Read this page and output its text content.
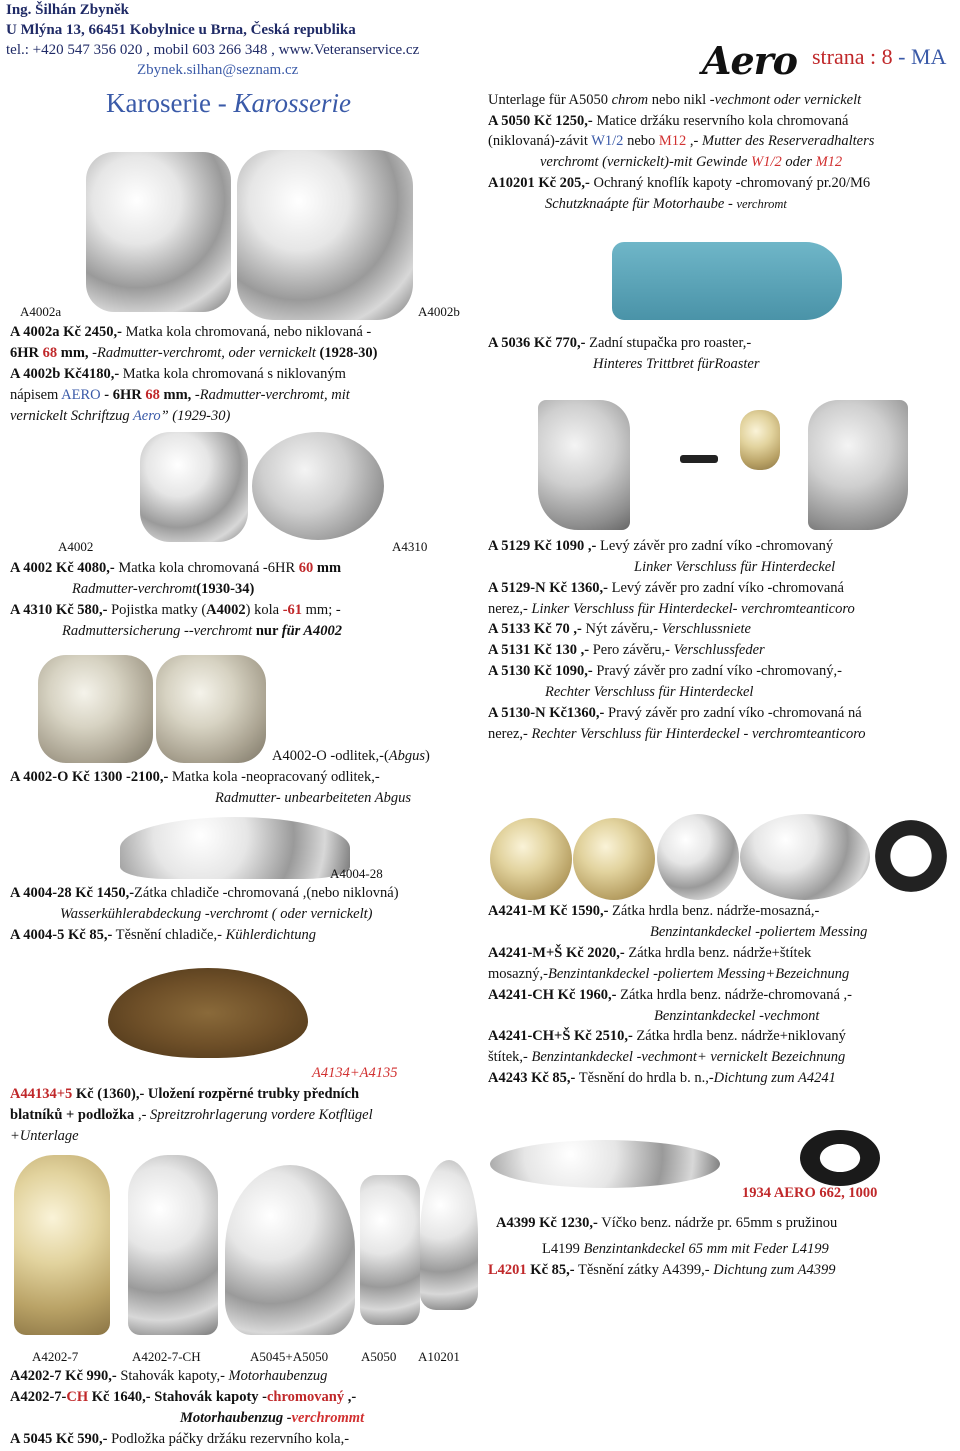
Ing. Šilhán Zbyněk
U Mlýna 13, 66451 Kobylnice u Brna, Česká republika
tel.: +420 547 356 020 , mobil 603 266 348 , www.Veteranservice.cz
Zbynek.silhan@seznam.cz
Karoserie - Karosserie
Aero strana : 8 - MA
Unterlage für A5050 chrom nebo nikl -vechmont oder vernickelt
A 5050 Kč 1250,- Matice držáku reservního kola chromovaná
(niklovaná)-závit W1/2 nebo M12 ,- Mutter des Reserveradhalters
verchromt (vernickelt)-mit Gewinde W1/2 oder M12
A10201 Kč 205,- Ochraný knoflík kapoty -chromovaný pr.20/M6
Schutzknaápte für Motorhaube - verchromt
A4002a	A4002b
A 4002a Kč 2450,- Matka kola chromovaná, nebo niklovaná -
6HR 68 mm, -Radmutter-verchromt, oder vernickelt (1928-30)
A 4002b Kč4180,- Matka kola chromovaná s niklovaným
nápisem AERO - 6HR 68 mm, -Radmutter-verchromt, mit
vernickelt Schriftzug Aero” (1929-30)
A 5036 Kč 770,- Zadní stupačka pro roaster,-
Hinteres Trittbret fürRoaster
A4002	A4310
A 4002 Kč 4080,- Matka kola chromovaná -6HR 60 mm
Radmutter-verchromt(1930-34)
A 4310 Kč 580,- Pojistka matky (A4002) kola -61 mm; -
Radmuttersicherung --verchromt nur für A4002
A 5129 Kč 1090 ,- Levý závěr pro zadní víko -chromovaný
Linker Verschluss für Hinterdeckel
A 5129-N Kč 1360,- Levý závěr pro zadní víko -chromovaná
nerez,- Linker Verschluss für Hinterdeckel- verchromteanticoro
A 5133 Kč 70 ,- Nýt závěru,- Verschlussniete
A 5131 Kč 130 ,- Pero závěru,- Verschlussfeder
A 5130 Kč 1090,- Pravý závěr pro zadní víko -chromovaný,-
Rechter Verschluss für Hinterdeckel
A 5130-N Kč1360,- Pravý závěr pro zadní víko -chromovaná ná
nerez,- Rechter Verschluss für Hinterdeckel - verchromteanticoro
A4002-O -odlitek,-(Abgus)
A 4002-O Kč 1300 -2100,- Matka kola -neopracovaný odlitek,-
Radmutter- unbearbeiteten Abgus
A4004-28
A 4004-28 Kč 1450,-Zátka chladiče -chromovaná ,(nebo niklovná)
Wasserkühlerabdeckung -verchromt ( oder vernickelt)
A 4004-5 Kč 85,- Těsnění chladiče,- Kühlerdichtung
A4241-M Kč 1590,- Zátka hrdla benz. nádrže-mosazná,-
Benzintankdeckel -poliertem Messing
A4241-M+Š Kč 2020,- Zátka hrdla benz. nádrže+štítek
mosazný,-Benzintankdeckel -poliertem Messing+Bezeichnung
A4241-CH Kč 1960,- Zátka hrdla benz. nádrže-chromovaná ,-
Benzintankdeckel -vechmont
A4241-CH+Š Kč 2510,- Zátka hrdla benz. nádrže+niklovaný
štítek,- Benzintankdeckel -vechmont+ vernickelt Bezeichnung
A4243 Kč 85,- Těsnění do hrdla b. n.,-Dichtung zum A4241
A4134+A4135
A44134+5 Kč (1360),- Uložení rozpěrné trubky předních
blatníků + podložka ,- Spreitzrohrlagerung vordere Kotflügel
+Unterlage
1934 AERO 662, 1000
A4399 Kč 1230,- Víčko benz. nádrže pr. 65mm s pružinou
L4199 Benzintankdeckel 65 mm mit Feder L4199
L4201 Kč 85,- Těsnění zátky A4399,- Dichtung zum A4399
A4202-7	A4202-7-CH	A5045+A5050	A5050 A10201
A4202-7 Kč 990,- Stahovák kapoty,- Motorhaubenzug
A4202-7-CH Kč 1640,- Stahovák kapoty -chromovaný ,-
Motorhaubenzug -verchrommt
A 5045 Kč 590,- Podložka páčky držáku rezervního kola,-
